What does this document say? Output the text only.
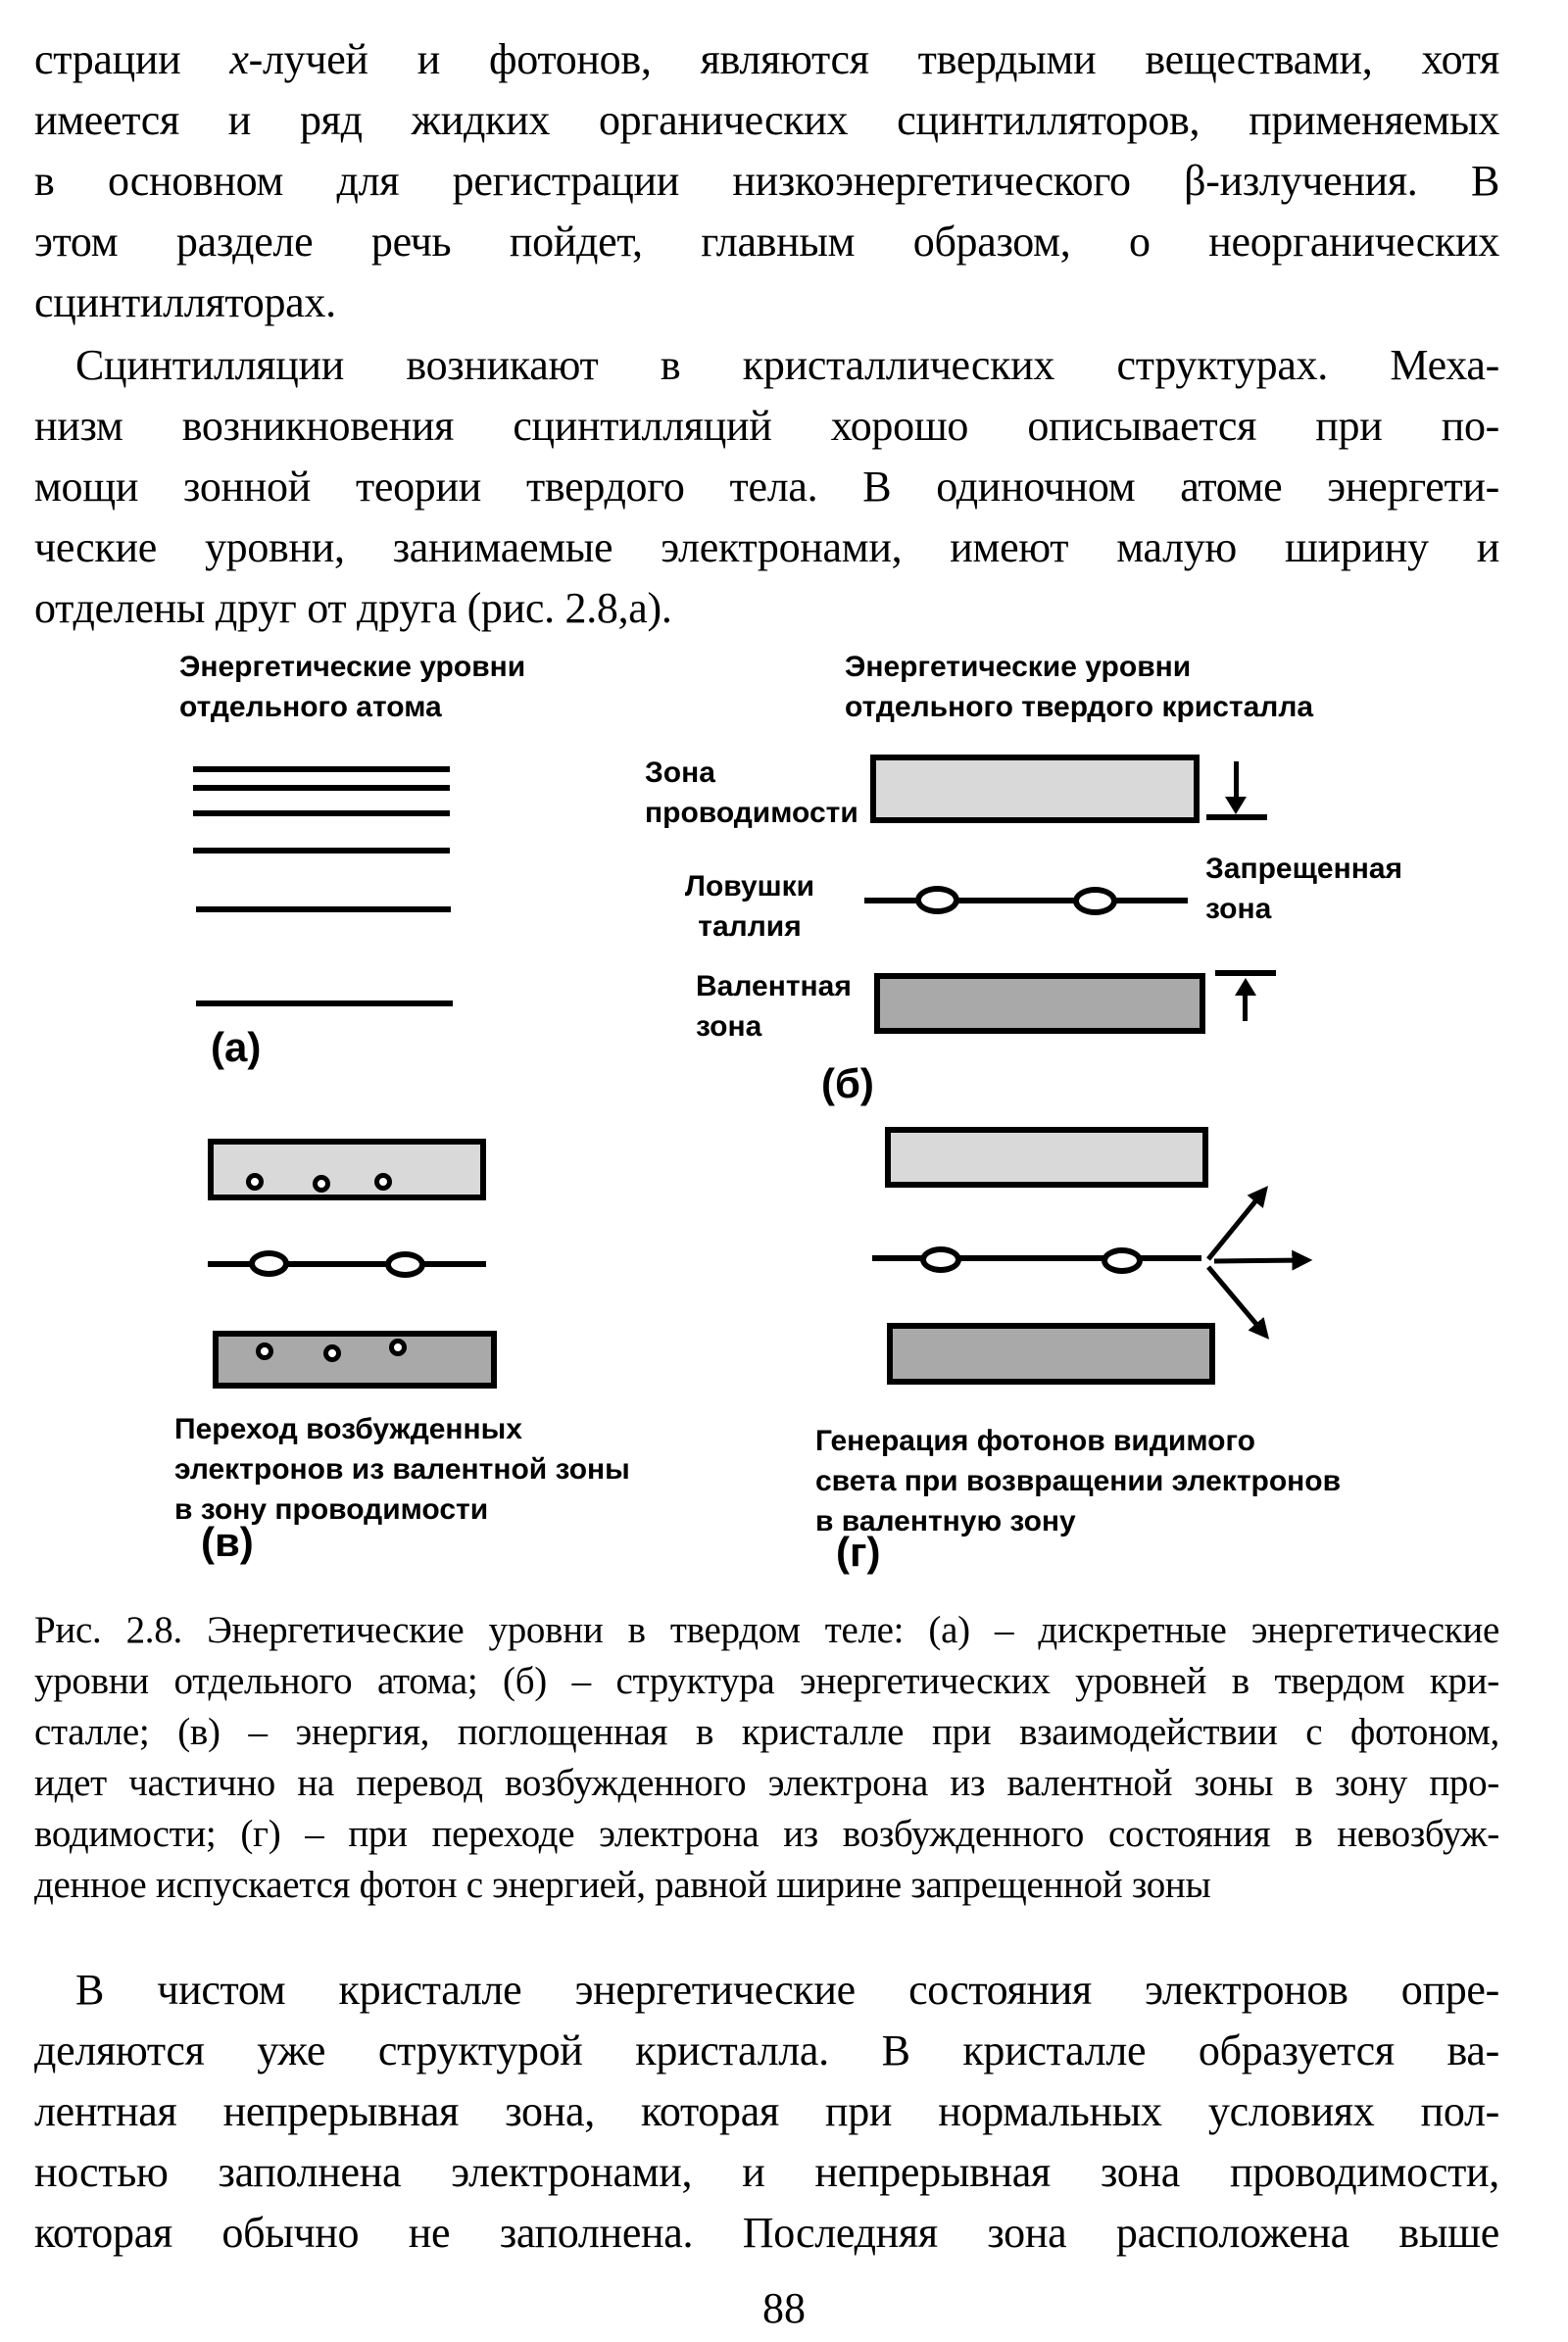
страции x-лучей и фотонов, являются твердыми веществами, хотя
имеется и ряд жидких органических сцинтилляторов, применяемых
в основном для регистрации низкоэнергетического β-излучения. В
этом разделе речь пойдет, главным образом, о неорганических
сцинтилляторах.
Сцинтилляции возникают в кристаллических структурах. Меха-
низм возникновения сцинтилляций хорошо описывается при по-
мощи зонной теории твердого тела. В одиночном атоме энергети-
ческие уровни, занимаемые электронами, имеют малую ширину и
отделены друг от друга (рис. 2.8,а).
Энергетические уровни
отдельного атома
(а)
Энергетические уровни
отдельного твердого кристалла
Зона
проводимости
Ловушки
таллия
Запрещенная
зона
Валентная
зона
(б)
Переход возбужденных
электронов из валентной зоны
в зону проводимости
(в)
Генерация фотонов видимого
света при возвращении электронов
в валентную зону
(г)
Рис. 2.8. Энергетические уровни в твердом теле: (а) – дискретные энергетические
уровни отдельного атома; (б) – структура энергетических уровней в твердом кри-
сталле; (в) – энергия, поглощенная в кристалле при взаимодействии с фотоном,
идет частично на перевод возбужденного электрона из валентной зоны в зону про-
водимости; (г) – при переходе электрона из возбужденного состояния в невозбуж-
денное испускается фотон с энергией, равной ширине запрещенной зоны
В чистом кристалле энергетические состояния электронов опре-
деляются уже структурой кристалла. В кристалле образуется ва-
лентная непрерывная зона, которая при нормальных условиях пол-
ностью заполнена электронами, и непрерывная зона проводимости,
которая обычно не заполнена. Последняя зона расположена выше
88
